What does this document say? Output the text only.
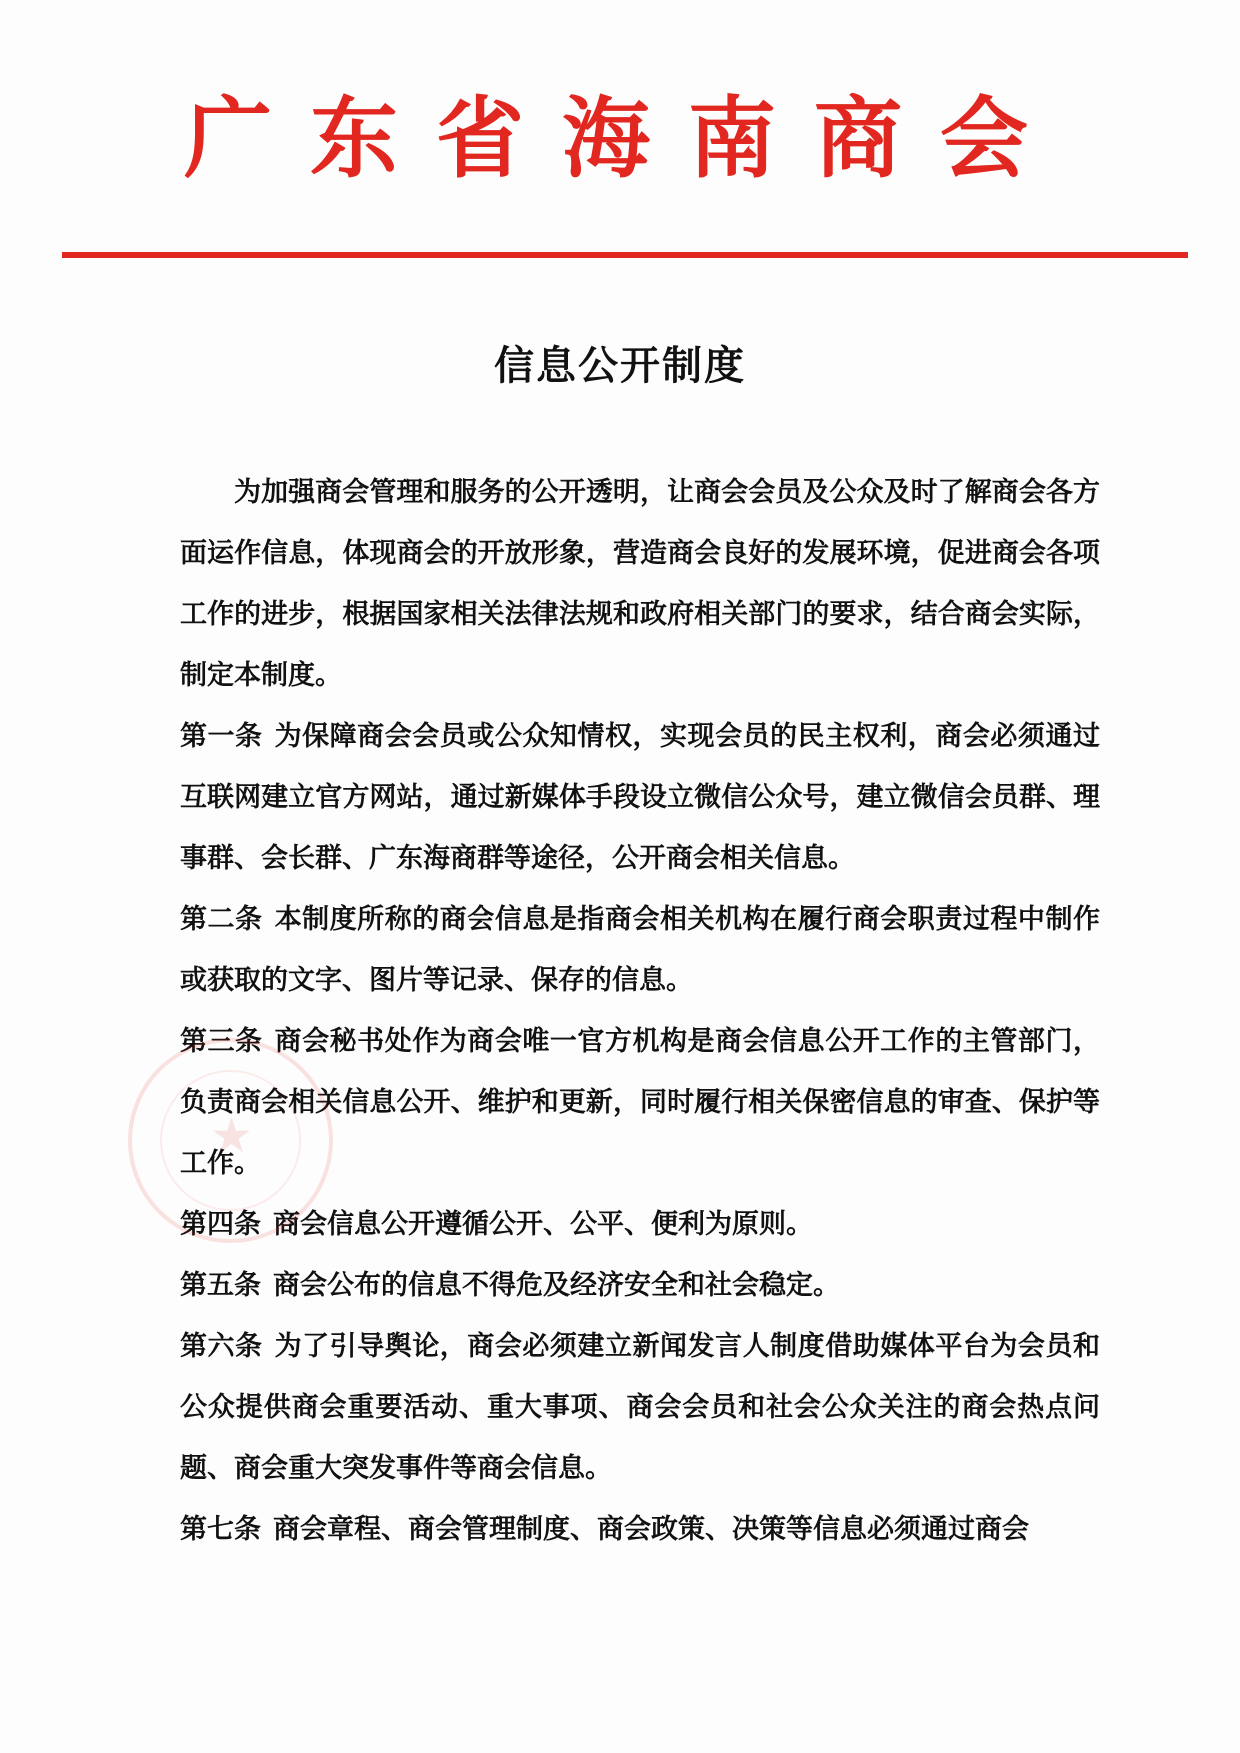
广东省海南商会
信息公开制度

为加强商会管理和服务的公开透明，让商会会员及公众及时了解商会各方面运作信息，体现商会的开放形象，营造商会良好的发展环境，促进商会各项工作的进步，根据国家相关法律法规和政府相关部门的要求，结合商会实际，制定本制度。

第一条 为保障商会会员或公众知情权，实现会员的民主权利，商会必须通过互联网建立官方网站，通过新媒体手段设立微信公众号，建立微信会员群、理事群、会长群、广东海商群等途径，公开商会相关信息。

第二条 本制度所称的商会信息是指商会相关机构在履行商会职责过程中制作或获取的文字、图片等记录、保存的信息。

第三条 商会秘书处作为商会唯一官方机构是商会信息公开工作的主管部门，负责商会相关信息公开、维护和更新，同时履行相关保密信息的审查、保护等工作。

第四条 商会信息公开遵循公开、公平、便利为原则。

第五条 商会公布的信息不得危及经济安全和社会稳定。

第六条 为了引导舆论，商会必须建立新闻发言人制度借助媒体平台为会员和公众提供商会重要活动、重大事项、商会会员和社会公众关注的商会热点问题、商会重大突发事件等商会信息。

第七条 商会章程、商会管理制度、商会政策、决策等信息必须通过商会

★
